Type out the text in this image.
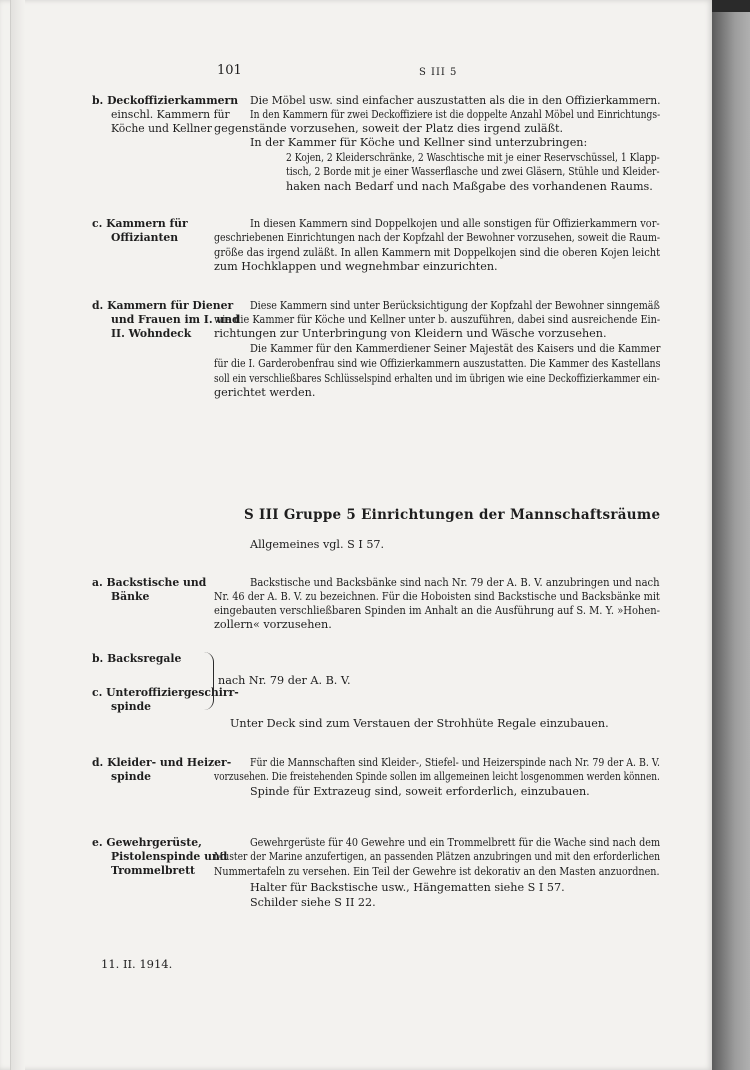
101	S III 5
b. Deckoffizierkammern
einschl. Kammern für
Köche und Kellner
Die Möbel usw. sind einfacher auszustatten als die in den Offizierkammern.
In den Kammern für zwei Deckoffiziere ist die doppelte Anzahl Möbel und Einrichtungs-
gegenstände vorzusehen, soweit der Platz dies irgend zuläßt.
In der Kammer für Köche und Kellner sind unterzubringen:
2 Kojen, 2 Kleiderschränke, 2 Waschtische mit je einer Reservschüssel, 1 Klapp-
tisch, 2 Borde mit je einer Wasserflasche und zwei Gläsern, Stühle und Kleider-
haken nach Bedarf und nach Maßgabe des vorhandenen Raums.
c. Kammern für
Offizianten
In diesen Kammern sind Doppelkojen und alle sonstigen für Offizierkammern vor-
geschriebenen Einrichtungen nach der Kopfzahl der Bewohner vorzusehen, soweit die Raum-
größe das irgend zuläßt. In allen Kammern mit Doppelkojen sind die oberen Kojen leicht
zum Hochklappen und wegnehmbar einzurichten.
d. Kammern für Diener
und Frauen im I. und
II. Wohndeck
Diese Kammern sind unter Berücksichtigung der Kopfzahl der Bewohner sinngemäß
wie die Kammer für Köche und Kellner unter b. auszuführen, dabei sind ausreichende Ein-
richtungen zur Unterbringung von Kleidern und Wäsche vorzusehen.
Die Kammer für den Kammerdiener Seiner Majestät des Kaisers und die Kammer
für die I. Garderobenfrau sind wie Offizierkammern auszustatten. Die Kammer des Kastellans
soll ein verschließbares Schlüsselspind erhalten und im übrigen wie eine Deckoffizierkammer ein-
gerichtet werden.
S III Gruppe 5 Einrichtungen der Mannschaftsräume
Allgemeines vgl. S I 57.
a. Backstische und
Bänke
Backstische und Backsbänke sind nach Nr. 79 der A. B. V. anzubringen und nach
Nr. 46 der A. B. V. zu bezeichnen. Für die Hoboisten sind Backstische und Backsbänke mit
eingebauten verschließbaren Spinden im Anhalt an die Ausführung auf S. M. Y. »Hohen-
zollern« vorzusehen.
b. Backsregale
c. Unteroffiziergeschirr-
spinde
nach Nr. 79 der A. B. V.
Unter Deck sind zum Verstauen der Strohhüte Regale einzubauen.
d. Kleider- und Heizer-
spinde
Für die Mannschaften sind Kleider-, Stiefel- und Heizerspinde nach Nr. 79 der A. B. V.
vorzusehen. Die freistehenden Spinde sollen im allgemeinen leicht losgenommen werden können.
Spinde für Extrazeug sind, soweit erforderlich, einzubauen.
e. Gewehrgerüste,
Pistolenspinde und
Trommelbrett
Gewehrgerüste für 40 Gewehre und ein Trommelbrett für die Wache sind nach dem
Muster der Marine anzufertigen, an passenden Plätzen anzubringen und mit den erforderlichen
Nummertafeln zu versehen. Ein Teil der Gewehre ist dekorativ an den Masten anzuordnen.
Halter für Backstische usw., Hängematten siehe S I 57.
Schilder siehe S II 22.
11. II. 1914.
